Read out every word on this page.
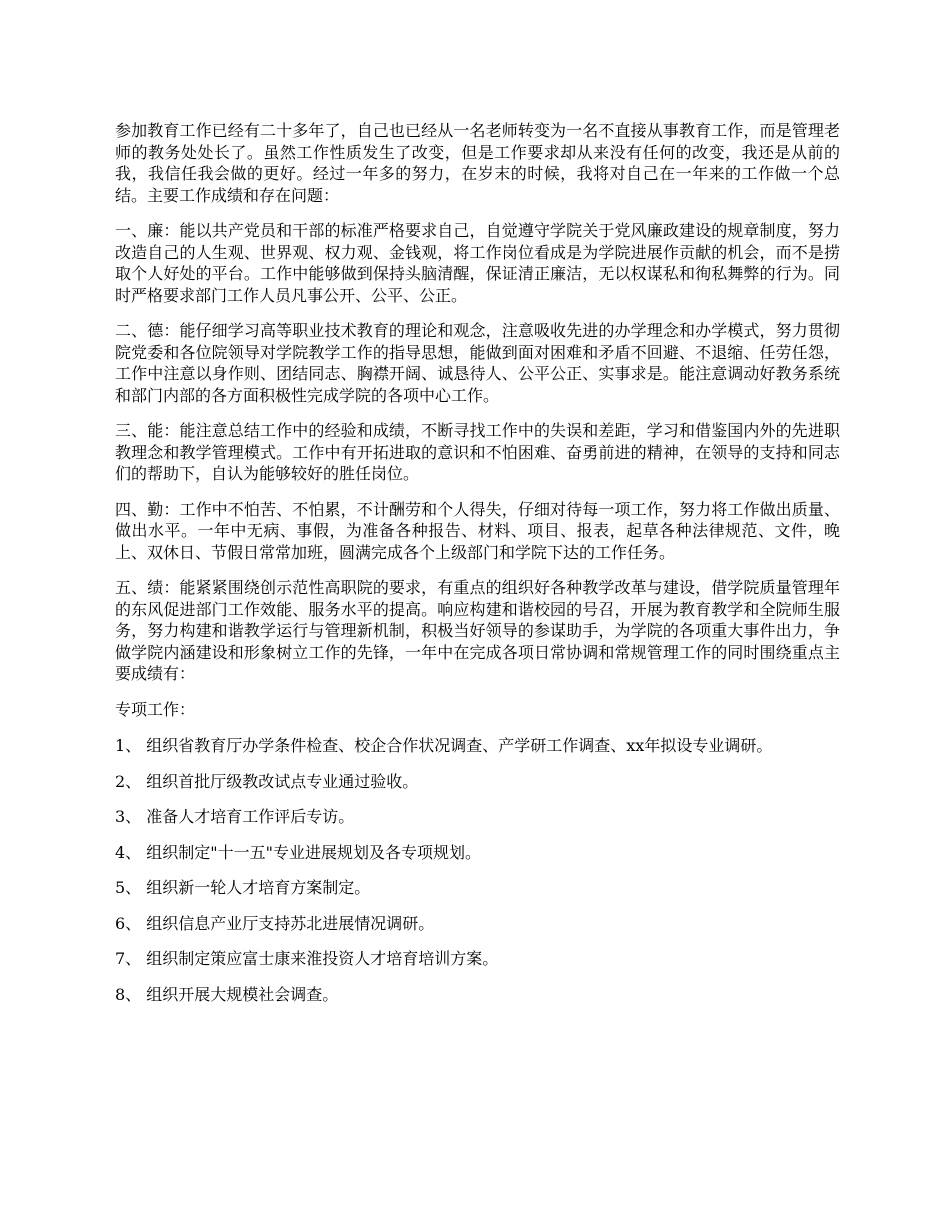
参加教育工作已经有二十多年了，自己也已经从一名老师转变为一名不直接从事教育工作，而是管理老师的教务处处长了。虽然工作性质发生了改变，但是工作要求却从来没有任何的改变，我还是从前的我，我信任我会做的更好。经过一年多的努力，在岁末的时候，我将对自己在一年来的工作做一个总结。主要工作成绩和存在问题：

一、廉：能以共产党员和干部的标准严格要求自己，自觉遵守学院关于党风廉政建设的规章制度，努力改造自己的人生观、世界观、权力观、金钱观，将工作岗位看成是为学院进展作贡献的机会，而不是捞取个人好处的平台。工作中能够做到保持头脑清醒，保证清正廉洁，无以权谋私和徇私舞弊的行为。同时严格要求部门工作人员凡事公开、公平、公正。

二、德：能仔细学习高等职业技术教育的理论和观念，注意吸收先进的办学理念和办学模式，努力贯彻院党委和各位院领导对学院教学工作的指导思想，能做到面对困难和矛盾不回避、不退缩、任劳任怨，工作中注意以身作则、团结同志、胸襟开阔、诚恳待人、公平公正、实事求是。能注意调动好教务系统和部门内部的各方面积极性完成学院的各项中心工作。

三、能：能注意总结工作中的经验和成绩，不断寻找工作中的失误和差距，学习和借鉴国内外的先进职教理念和教学管理模式。工作中有开拓进取的意识和不怕困难、奋勇前进的精神，在领导的支持和同志们的帮助下，自认为能够较好的胜任岗位。

四、勤：工作中不怕苦、不怕累，不计酬劳和个人得失，仔细对待每一项工作，努力将工作做出质量、做出水平。一年中无病、事假，为准备各种报告、材料、项目、报表，起草各种法律规范、文件，晚上、双休日、节假日常常加班，圆满完成各个上级部门和学院下达的工作任务。

五、绩：能紧紧围绕创示范性高职院的要求，有重点的组织好各种教学改革与建设，借学院质量管理年的东风促进部门工作效能、服务水平的提高。响应构建和谐校园的号召，开展为教育教学和全院师生服务，努力构建和谐教学运行与管理新机制，积极当好领导的参谋助手，为学院的各项重大事件出力，争做学院内涵建设和形象树立工作的先锋，一年中在完成各项日常协调和常规管理工作的同时围绕重点主要成绩有：

专项工作：

1、 组织省教育厅办学条件检查、校企合作状况调查、产学研工作调查、xx年拟设专业调研。
2、 组织首批厅级教改试点专业通过验收。
3、 准备人才培育工作评后专访。
4、 组织制定"十一五"专业进展规划及各专项规划。
5、 组织新一轮人才培育方案制定。
6、 组织信息产业厅支持苏北进展情况调研。
7、 组织制定策应富士康来淮投资人才培育培训方案。
8、 组织开展大规模社会调查。
